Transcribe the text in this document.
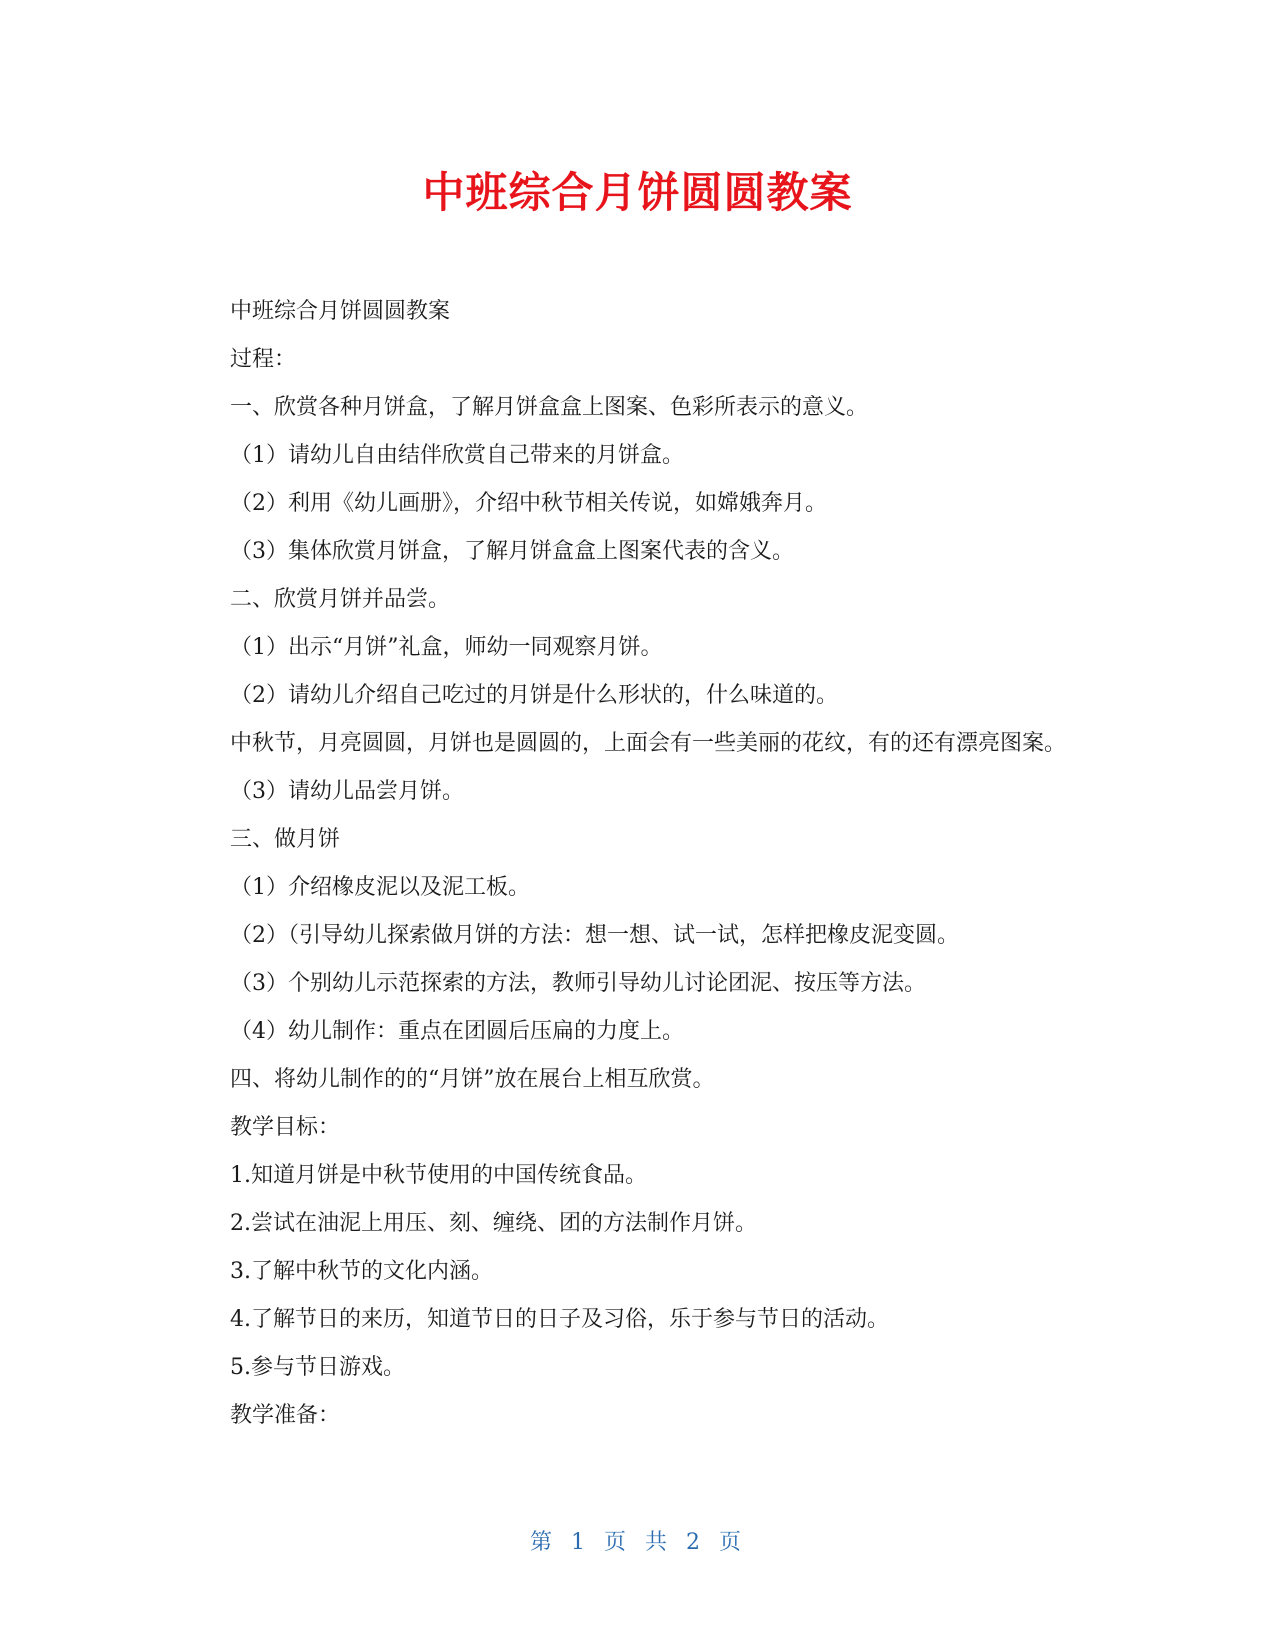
中班综合月饼圆圆教案

中班综合月饼圆圆教案

过程：

一、欣赏各种月饼盒，了解月饼盒盒上图案、色彩所表示的意义。

（1）请幼儿自由结伴欣赏自己带来的月饼盒。

（2）利用《幼儿画册》，介绍中秋节相关传说，如嫦娥奔月。

（3）集体欣赏月饼盒，了解月饼盒盒上图案代表的含义。

二、欣赏月饼并品尝。

（1）出示“月饼”礼盒，师幼一同观察月饼。

（2）请幼儿介绍自己吃过的月饼是什么形状的，什么味道的。

中秋节，月亮圆圆，月饼也是圆圆的，上面会有一些美丽的花纹，有的还有漂亮图案。

（3）请幼儿品尝月饼。

三、做月饼

（1）介绍橡皮泥以及泥工板。

（2）（引导幼儿探索做月饼的方法：想一想、试一试，怎样把橡皮泥变圆。

（3）个别幼儿示范探索的方法，教师引导幼儿讨论团泥、按压等方法。

（4）幼儿制作：重点在团圆后压扁的力度上。

四、将幼儿制作的的“月饼”放在展台上相互欣赏。

教学目标：

1.知道月饼是中秋节使用的中国传统食品。

2.尝试在油泥上用压、刻、缠绕、团的方法制作月饼。

3.了解中秋节的文化内涵。

4.了解节日的来历，知道节日的日子及习俗，乐于参与节日的活动。

5.参与节日游戏。

教学准备：

第 1 页 共 2 页
